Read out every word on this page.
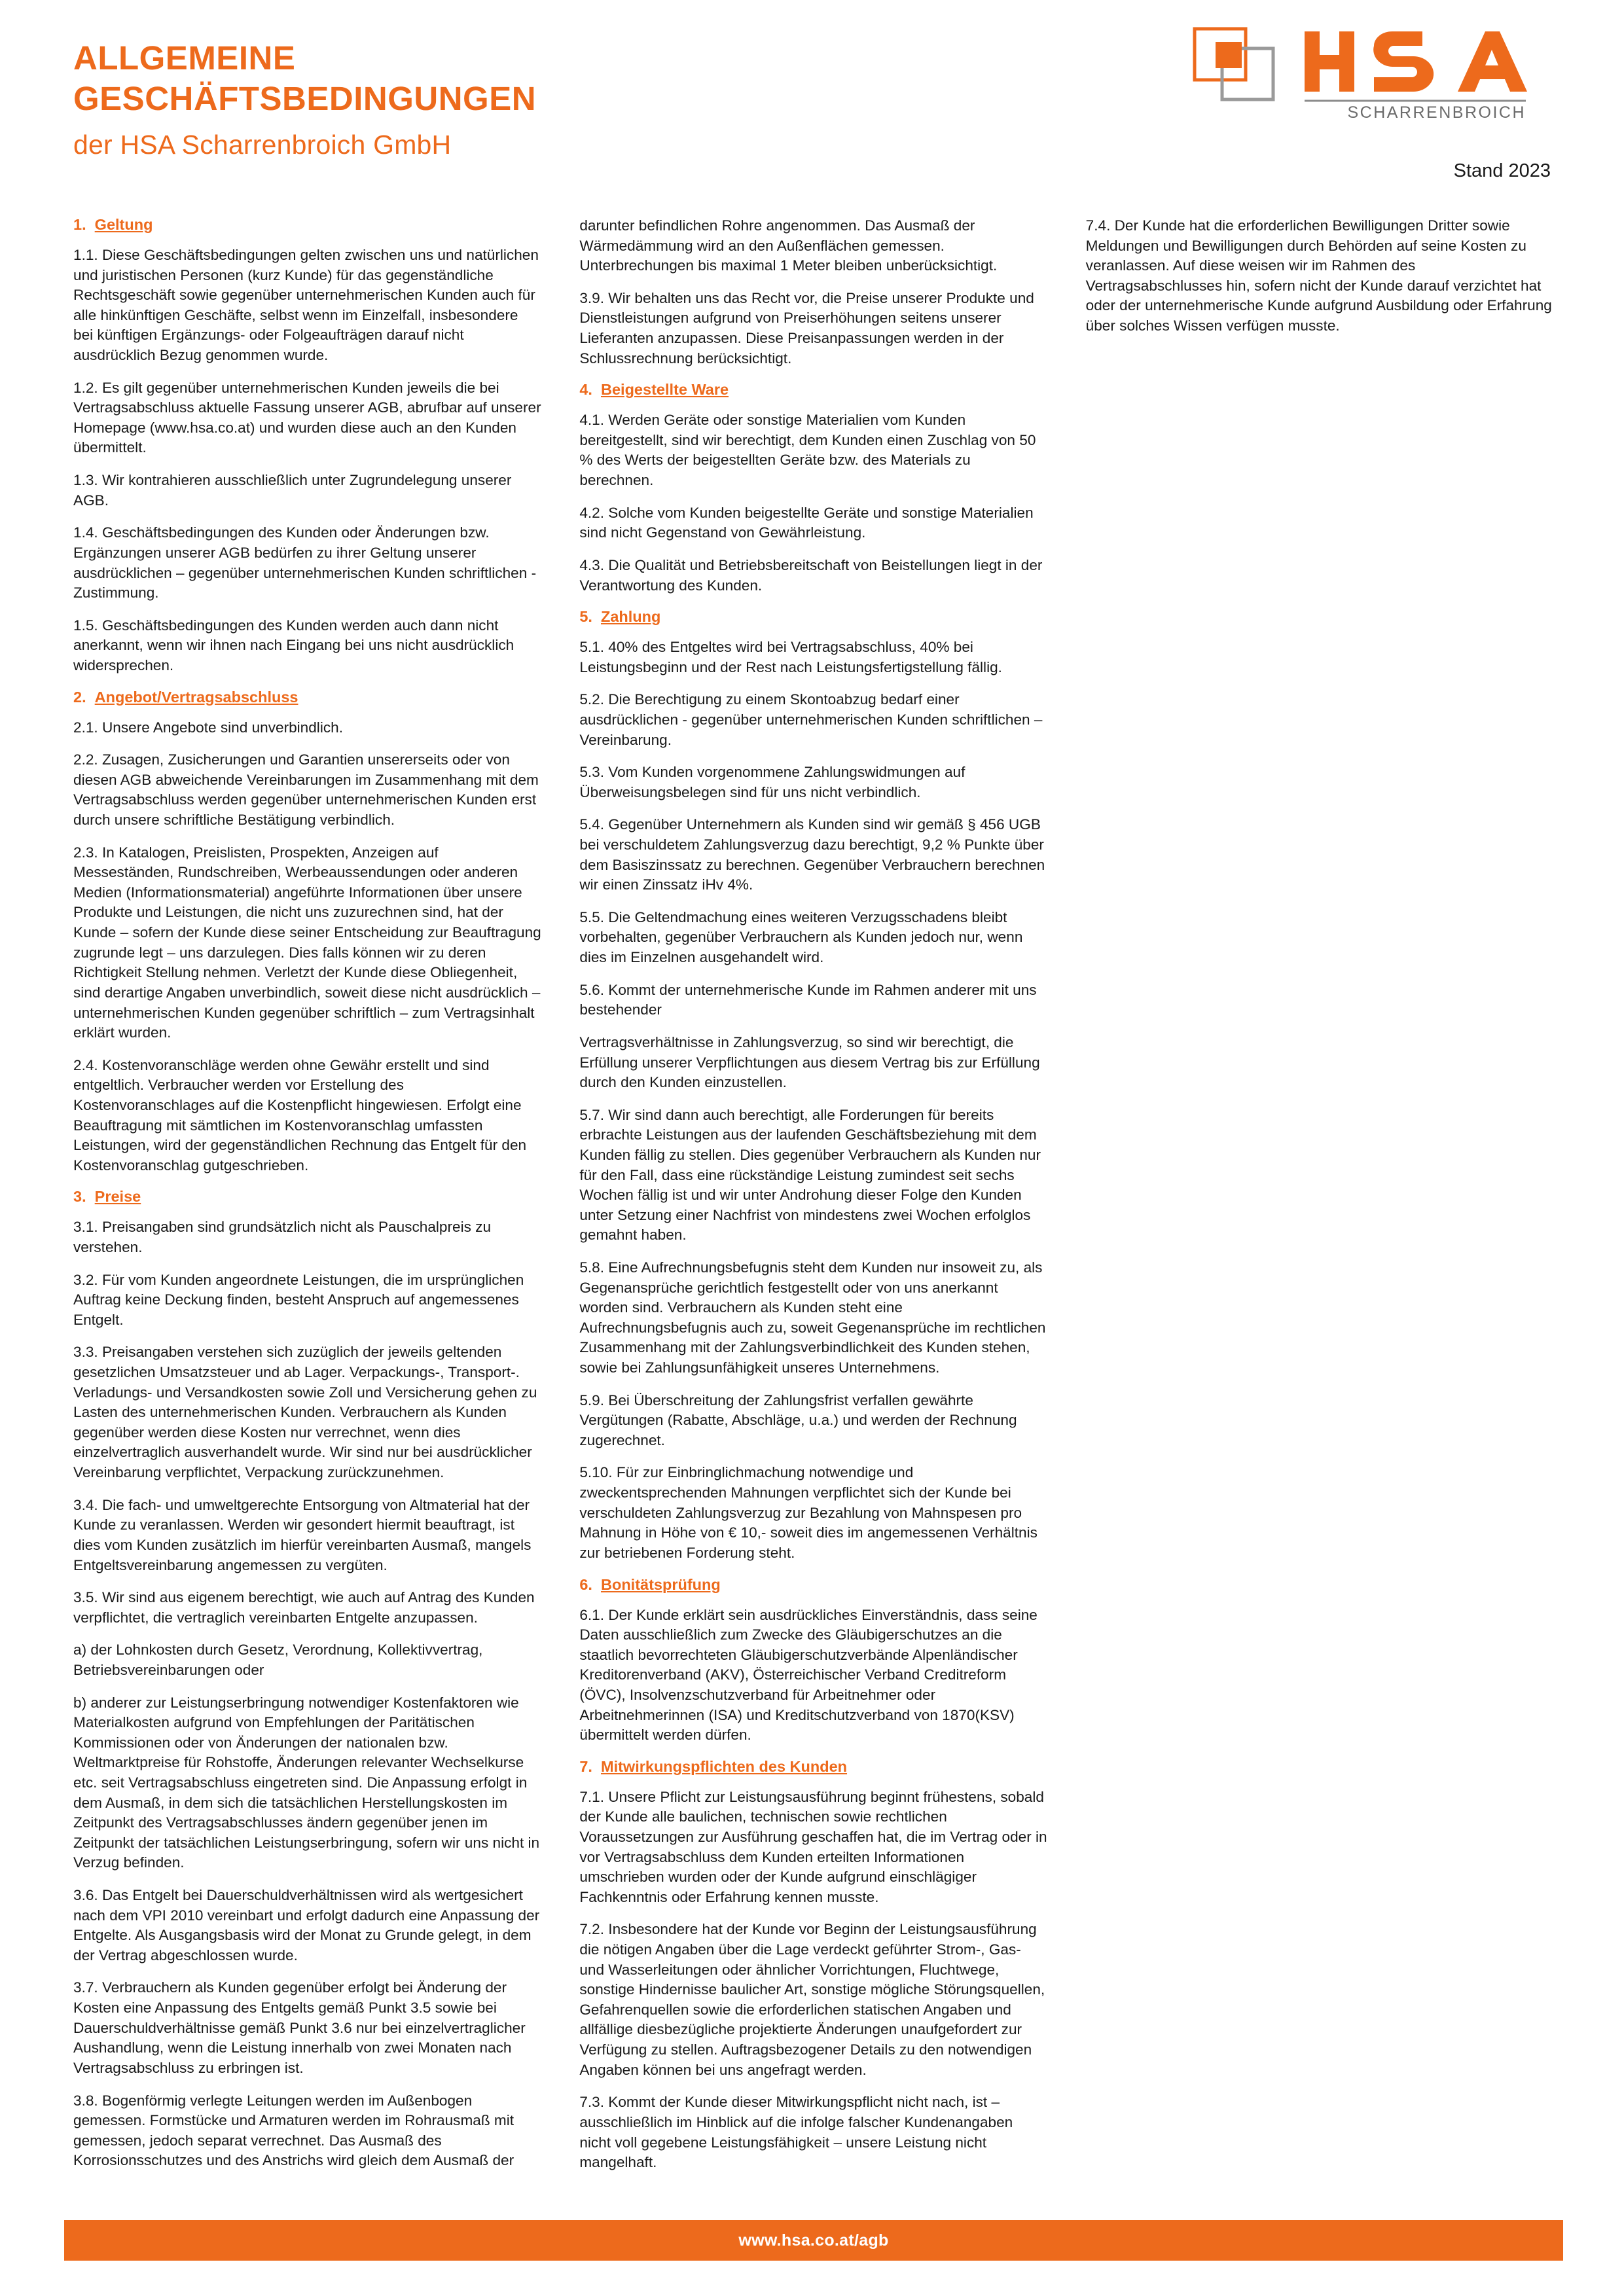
ALLGEMEINE
GESCHÄFTSBEDINGUNGEN
der HSA Scharrenbroich GmbH
Stand 2023
SCHARRENBROICH
1. Geltung

1.1. Diese Geschäftsbedingungen gelten zwischen uns und natürlichen und juristischen Personen (kurz Kunde) für das gegenständliche Rechtsgeschäft sowie gegenüber unternehmerischen Kunden auch für alle hinkünftigen Geschäfte, selbst wenn im Einzelfall, insbesondere bei künftigen Ergänzungs- oder Folgeaufträgen darauf nicht ausdrücklich Bezug genommen wurde.

1.2. Es gilt gegenüber unternehmerischen Kunden jeweils die bei Vertragsabschluss aktuelle Fassung unserer AGB, abrufbar auf unserer Homepage (www.hsa.co.at) und wurden diese auch an den Kunden übermittelt.

1.3. Wir kontrahieren ausschließlich unter Zugrundelegung unserer AGB.

1.4. Geschäftsbedingungen des Kunden oder Änderungen bzw. Ergänzungen unserer AGB bedürfen zu ihrer Geltung unserer ausdrücklichen – gegenüber unternehmerischen Kunden schriftlichen - Zustimmung.

1.5. Geschäftsbedingungen des Kunden werden auch dann nicht anerkannt, wenn wir ihnen nach Eingang bei uns nicht ausdrücklich widersprechen.

2. Angebot/Vertragsabschluss

2.1. Unsere Angebote sind unverbindlich.

2.2. Zusagen, Zusicherungen und Garantien unsererseits oder von diesen AGB abweichende Vereinbarungen im Zusammenhang mit dem Vertragsabschluss werden gegenüber unternehmerischen Kunden erst durch unsere schriftliche Bestätigung verbindlich.

2.3. In Katalogen, Preislisten, Prospekten, Anzeigen auf Messeständen, Rundschreiben, Werbeaussendungen oder anderen Medien (Informationsmaterial) angeführte Informationen über unsere Produkte und Leistungen, die nicht uns zuzurechnen sind, hat der Kunde – sofern der Kunde diese seiner Entscheidung zur Beauftragung zugrunde legt – uns darzulegen. Dies falls können wir zu deren Richtigkeit Stellung nehmen. Verletzt der Kunde diese Obliegenheit, sind derartige Angaben unverbindlich, soweit diese nicht ausdrücklich – unternehmerischen Kunden gegenüber schriftlich – zum Vertragsinhalt erklärt wurden.

2.4. Kostenvoranschläge werden ohne Gewähr erstellt und sind entgeltlich. Verbraucher werden vor Erstellung des Kostenvoranschlages auf die Kostenpflicht hingewiesen. Erfolgt eine Beauftragung mit sämtlichen im Kostenvoranschlag umfassten Leistungen, wird der gegenständlichen Rechnung das Entgelt für den Kostenvoranschlag gutgeschrieben.

3. Preise

3.1. Preisangaben sind grundsätzlich nicht als Pauschalpreis zu verstehen.

3.2. Für vom Kunden angeordnete Leistungen, die im ursprünglichen Auftrag keine Deckung finden, besteht Anspruch auf angemessenes Entgelt.

3.3. Preisangaben verstehen sich zuzüglich der jeweils geltenden gesetzlichen Umsatzsteuer und ab Lager. Verpackungs-, Transport-. Verladungs- und Versandkosten sowie Zoll und Versicherung gehen zu Lasten des unternehmerischen Kunden. Verbrauchern als Kunden gegenüber werden diese Kosten nur verrechnet, wenn dies einzelvertraglich ausverhandelt wurde. Wir sind nur bei ausdrücklicher Vereinbarung verpflichtet, Verpackung zurückzunehmen.

3.4. Die fach- und umweltgerechte Entsorgung von Altmaterial hat der Kunde zu veranlassen. Werden wir gesondert hiermit beauftragt, ist dies vom Kunden zusätzlich im hierfür vereinbarten Ausmaß, mangels Entgeltsvereinbarung angemessen zu vergüten.

3.5. Wir sind aus eigenem berechtigt, wie auch auf Antrag des Kunden verpflichtet, die vertraglich vereinbarten Entgelte anzupassen.

a) der Lohnkosten durch Gesetz, Verordnung, Kollektivvertrag, Betriebsvereinbarungen oder

b) anderer zur Leistungserbringung notwendiger Kostenfaktoren wie Materialkosten aufgrund von Empfehlungen der Paritätischen Kommissionen oder von Änderungen der nationalen bzw. Weltmarktpreise für Rohstoffe, Änderungen relevanter Wechselkurse etc. seit Vertragsabschluss eingetreten sind. Die Anpassung erfolgt in dem Ausmaß, in dem sich die tatsächlichen Herstellungskosten im Zeitpunkt des Vertragsabschlusses ändern gegenüber jenen im Zeitpunkt der tatsächlichen Leistungserbringung, sofern wir uns nicht in Verzug befinden.

3.6. Das Entgelt bei Dauerschuldverhältnissen wird als wertgesichert nach dem VPI 2010 vereinbart und erfolgt dadurch eine Anpassung der Entgelte. Als Ausgangsbasis wird der Monat zu Grunde gelegt, in dem der Vertrag abgeschlossen wurde.

3.7. Verbrauchern als Kunden gegenüber erfolgt bei Änderung der Kosten eine Anpassung des Entgelts gemäß Punkt 3.5 sowie bei Dauerschuldverhältnisse gemäß Punkt 3.6 nur bei einzelvertraglicher Aushandlung, wenn die Leistung innerhalb von zwei Monaten nach Vertragsabschluss zu erbringen ist.

3.8. Bogenförmig verlegte Leitungen werden im Außenbogen gemessen. Formstücke und Armaturen werden im Rohrausmaß mit gemessen, jedoch separat verrechnet. Das Ausmaß des Korrosionsschutzes und des Anstrichs wird gleich dem Ausmaß der darunter befindlichen Rohre angenommen. Das Ausmaß der Wärmedämmung wird an den Außenflächen gemessen. Unterbrechungen bis maximal 1 Meter bleiben unberücksichtigt.

3.9. Wir behalten uns das Recht vor, die Preise unserer Produkte und Dienstleistungen aufgrund von Preiserhöhungen seitens unserer Lieferanten anzupassen. Diese Preisanpassungen werden in der Schlussrechnung berücksichtigt.

4. Beigestellte Ware

4.1. Werden Geräte oder sonstige Materialien vom Kunden bereitgestellt, sind wir berechtigt, dem Kunden einen Zuschlag von 50 % des Werts der beigestellten Geräte bzw. des Materials zu berechnen.

4.2. Solche vom Kunden beigestellte Geräte und sonstige Materialien sind nicht Gegenstand von Gewährleistung.

4.3. Die Qualität und Betriebsbereitschaft von Beistellungen liegt in der Verantwortung des Kunden.

5. Zahlung

5.1. 40% des Entgeltes wird bei Vertragsabschluss, 40% bei Leistungsbeginn und der Rest nach Leistungsfertigstellung fällig.

5.2. Die Berechtigung zu einem Skontoabzug bedarf einer ausdrücklichen - gegenüber unternehmerischen Kunden schriftlichen – Vereinbarung.

5.3. Vom Kunden vorgenommene Zahlungswidmungen auf Überweisungsbelegen sind für uns nicht verbindlich.

5.4. Gegenüber Unternehmern als Kunden sind wir gemäß § 456 UGB bei verschuldetem Zahlungsverzug dazu berechtigt, 9,2 % Punkte über dem Basiszinssatz zu berechnen. Gegenüber Verbrauchern berechnen wir einen Zinssatz iHv 4%.

5.5. Die Geltendmachung eines weiteren Verzugsschadens bleibt vorbehalten, gegenüber Verbrauchern als Kunden jedoch nur, wenn dies im Einzelnen ausgehandelt wird.

5.6. Kommt der unternehmerische Kunde im Rahmen anderer mit uns bestehender

Vertragsverhältnisse in Zahlungsverzug, so sind wir berechtigt, die Erfüllung unserer Verpflichtungen aus diesem Vertrag bis zur Erfüllung durch den Kunden einzustellen.

5.7. Wir sind dann auch berechtigt, alle Forderungen für bereits erbrachte Leistungen aus der laufenden Geschäftsbeziehung mit dem Kunden fällig zu stellen. Dies gegenüber Verbrauchern als Kunden nur für den Fall, dass eine rückständige Leistung zumindest seit sechs Wochen fällig ist und wir unter Androhung dieser Folge den Kunden unter Setzung einer Nachfrist von mindestens zwei Wochen erfolglos gemahnt haben.

5.8. Eine Aufrechnungsbefugnis steht dem Kunden nur insoweit zu, als Gegenansprüche gerichtlich festgestellt oder von uns anerkannt worden sind. Verbrauchern als Kunden steht eine Aufrechnungsbefugnis auch zu, soweit Gegenansprüche im rechtlichen Zusammenhang mit der Zahlungsverbindlichkeit des Kunden stehen, sowie bei Zahlungsunfähigkeit unseres Unternehmens.

5.9. Bei Überschreitung der Zahlungsfrist verfallen gewährte Vergütungen (Rabatte, Abschläge, u.a.) und werden der Rechnung zugerechnet.

5.10. Für zur Einbringlichmachung notwendige und zweckentsprechenden Mahnungen verpflichtet sich der Kunde bei verschuldeten Zahlungsverzug zur Bezahlung von Mahnspesen pro Mahnung in Höhe von € 10,- soweit dies im angemessenen Verhältnis zur betriebenen Forderung steht.

6. Bonitätsprüfung

6.1. Der Kunde erklärt sein ausdrückliches Einverständnis, dass seine Daten ausschließlich zum Zwecke des Gläubigerschutzes an die staatlich bevorrechteten Gläubigerschutzverbände Alpenländischer Kreditorenverband (AKV), Österreichischer Verband Creditreform (ÖVC), Insolvenzschutzverband für Arbeitnehmer oder Arbeitnehmerinnen (ISA) und Kreditschutzverband von 1870(KSV) übermittelt werden dürfen.

7. Mitwirkungspflichten des Kunden

7.1. Unsere Pflicht zur Leistungsausführung beginnt frühestens, sobald der Kunde alle baulichen, technischen sowie rechtlichen Voraussetzungen zur Ausführung geschaffen hat, die im Vertrag oder in vor Vertragsabschluss dem Kunden erteilten Informationen umschrieben wurden oder der Kunde aufgrund einschlägiger Fachkenntnis oder Erfahrung kennen musste.

7.2. Insbesondere hat der Kunde vor Beginn der Leistungsausführung die nötigen Angaben über die Lage verdeckt geführter Strom-, Gas- und Wasserleitungen oder ähnlicher Vorrichtungen, Fluchtwege, sonstige Hindernisse baulicher Art, sonstige mögliche Störungsquellen, Gefahrenquellen sowie die erforderlichen statischen Angaben und allfällige diesbezügliche projektierte Änderungen unaufgefordert zur Verfügung zu stellen. Auftragsbezogener Details zu den notwendigen Angaben können bei uns angefragt werden.

7.3. Kommt der Kunde dieser Mitwirkungspflicht nicht nach, ist – ausschließlich im Hinblick auf die infolge falscher Kundenangaben nicht voll gegebene Leistungsfähigkeit – unsere Leistung nicht mangelhaft.

7.4. Der Kunde hat die erforderlichen Bewilligungen Dritter sowie Meldungen und Bewilligungen durch Behörden auf seine Kosten zu veranlassen. Auf diese weisen wir im Rahmen des Vertragsabschlusses hin, sofern nicht der Kunde darauf verzichtet hat oder der unternehmerische Kunde aufgrund Ausbildung oder Erfahrung über solches Wissen verfügen musste.

www.hsa.co.at/agb
